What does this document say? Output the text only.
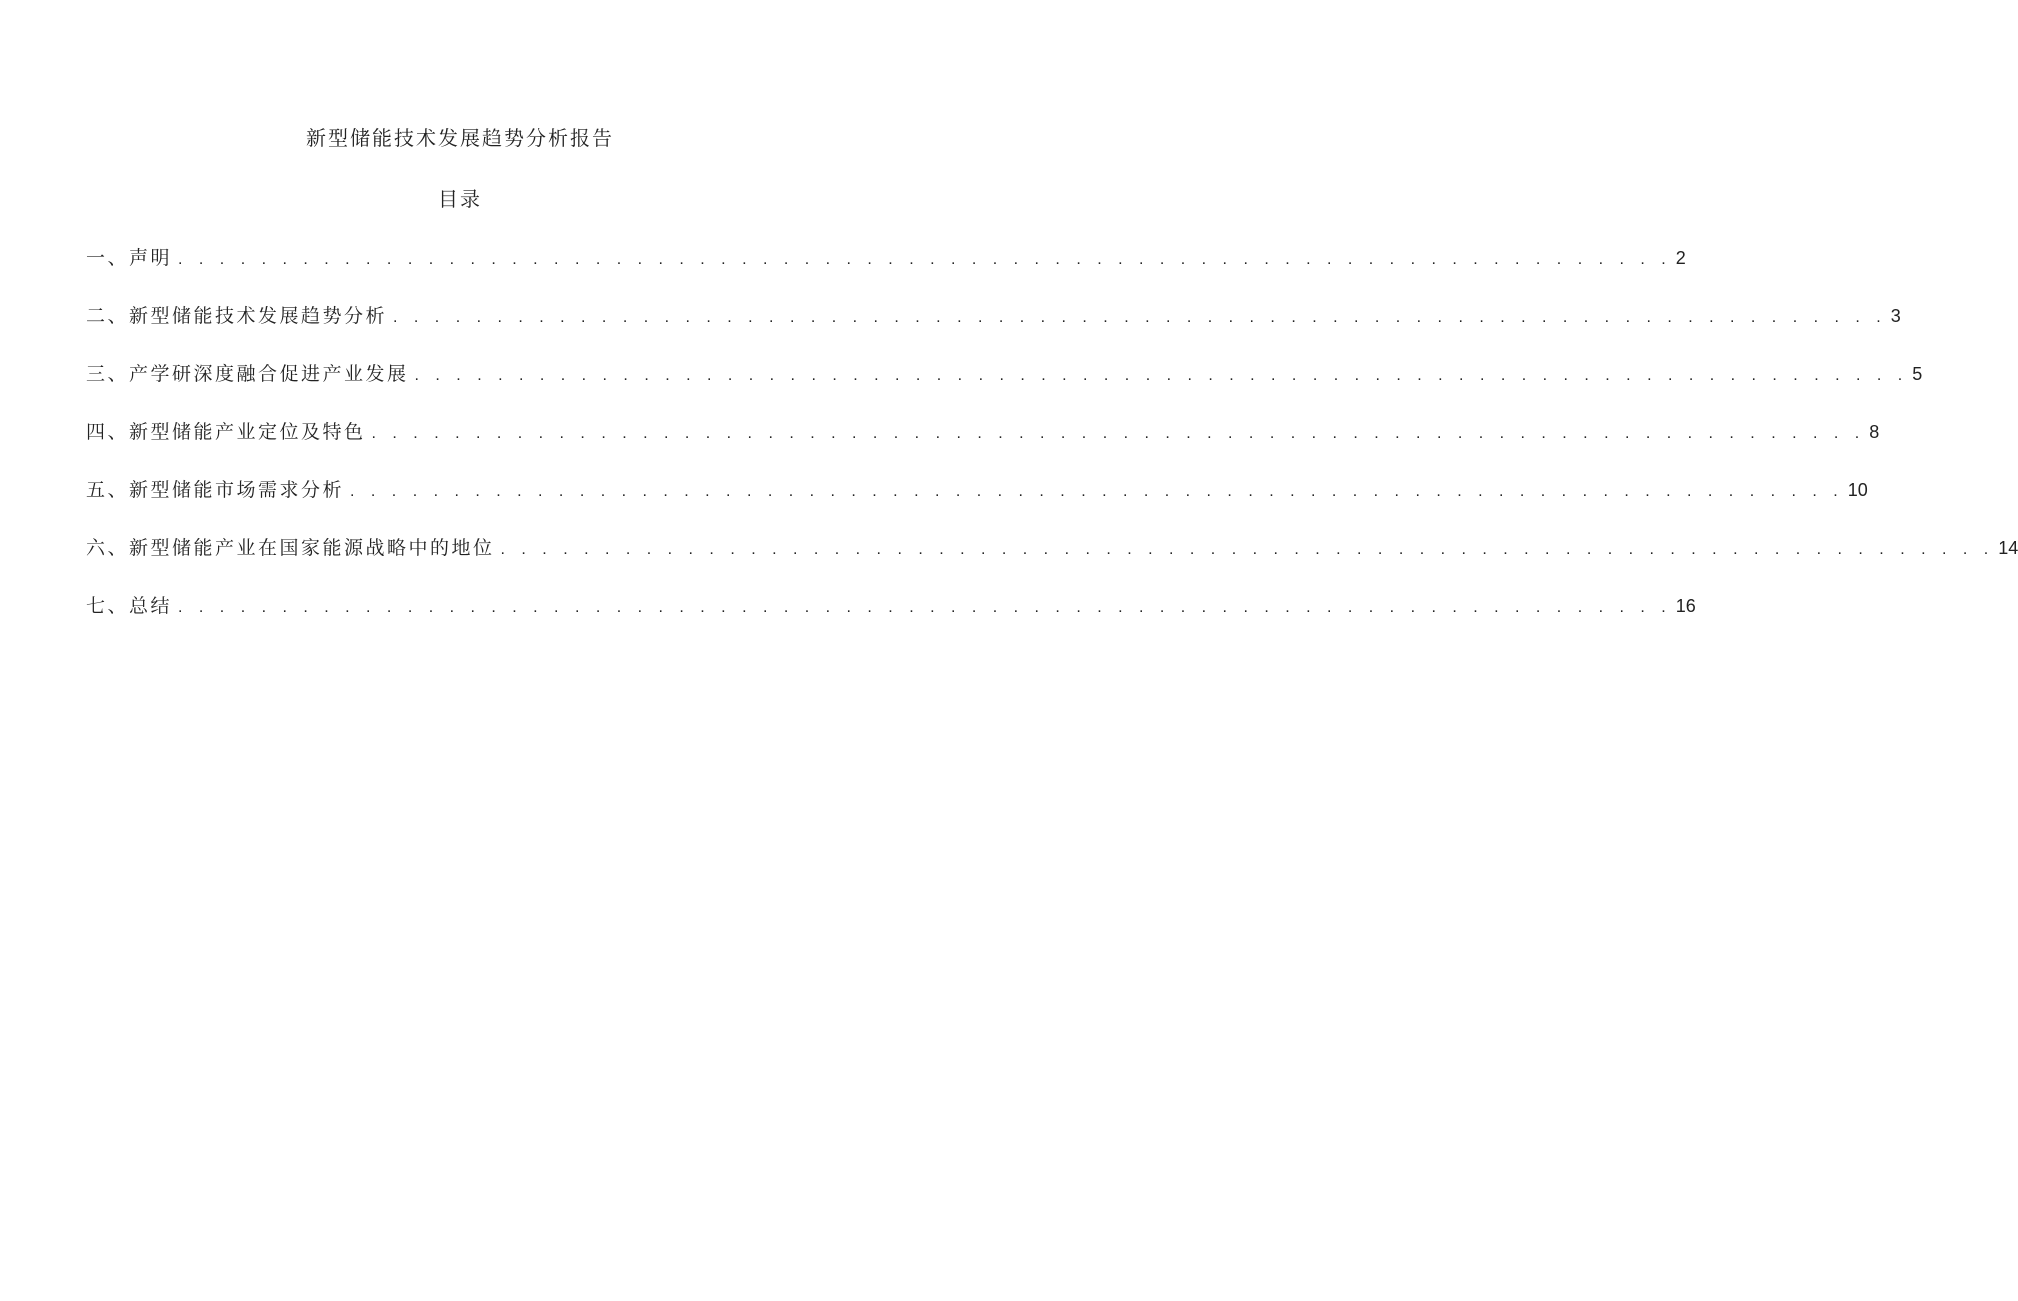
新型储能技术发展趋势分析报告
目录
一、声明 . . . . . . . . . . . . . . . . . . . . . . . . . . . . . . . . . . . . . . . . . . . . . . . . . . . . . . . . . . . . . . . . . . . . . . . . 2
二、新型储能技术发展趋势分析 . . . . . . . . . . . . . . . . . . . . . . . . . . . . . . . . . . . . . . . . . . . . . . . . . . . . . . . . . . . . . . . . . . . . . . . . 3
三、产学研深度融合促进产业发展 . . . . . . . . . . . . . . . . . . . . . . . . . . . . . . . . . . . . . . . . . . . . . . . . . . . . . . . . . . . . . . . . . . . . . . . . 5
四、新型储能产业定位及特色 . . . . . . . . . . . . . . . . . . . . . . . . . . . . . . . . . . . . . . . . . . . . . . . . . . . . . . . . . . . . . . . . . . . . . . . . 8
五、新型储能市场需求分析 . . . . . . . . . . . . . . . . . . . . . . . . . . . . . . . . . . . . . . . . . . . . . . . . . . . . . . . . . . . . . . . . . . . . . . . . 10
六、新型储能产业在国家能源战略中的地位 . . . . . . . . . . . . . . . . . . . . . . . . . . . . . . . . . . . . . . . . . . . . . . . . . . . . . . . . . . . . . . . . . . . . . . . . 14
七、总结 . . . . . . . . . . . . . . . . . . . . . . . . . . . . . . . . . . . . . . . . . . . . . . . . . . . . . . . . . . . . . . . . . . . . . . . . 16
